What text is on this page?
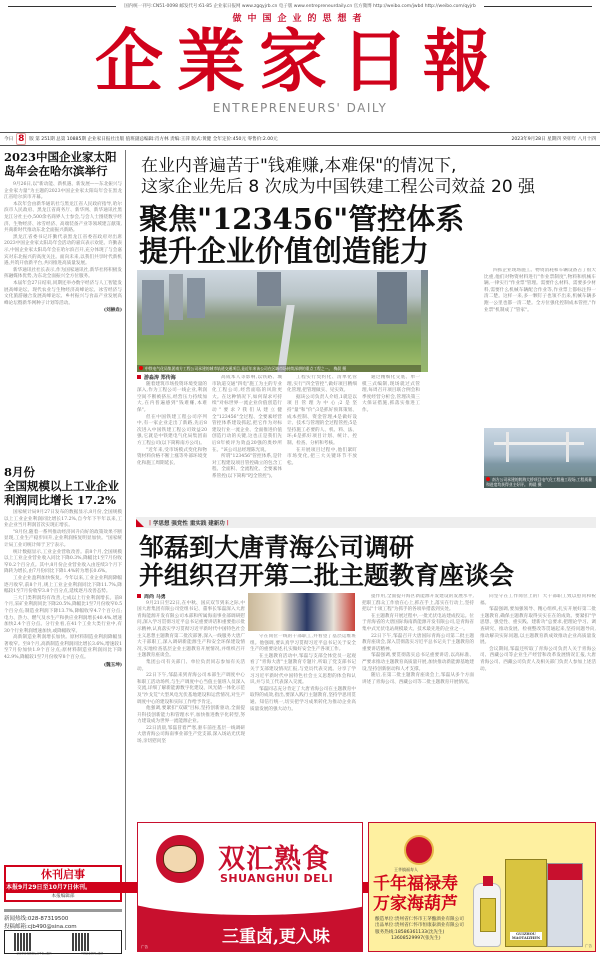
国内统一刊号:CN51-0098 邮发代号:61-85 企业家日报网 www.zgqyjrb.cn 电子版 www.entrepreneurdaily.cn 官方微博 http://weibo.com/jwbd http://weibo.com/qyjrb
做中国企业的思想者
企業家日報
ENTREPRENEURS' DAILY
今日 8	版 第 251期 总第 10885期 企业家日报社出版 值班副总编辑:肖方林 责编:王萍 版式:黄健 全年定价:450元 零售价:2.00元	2023年9月28日 星期四 癸卯年 八月十四
2023中国企业家太阳岛年会在哈尔滨举行

9月26日,以"新动能、新机遇、新发展——东北振兴与企业家力量"为主题的2023中国企业家太阳岛年会在黑龙江省哈尔滨市开幕。

本次年会由新华通讯社与黑龙江省人民政府指导,哈尔滨市人民政府、黑龙江省商务厅、新华网、新华通讯社黑龙江分社主办,500余名商界人士参会,与会人士围绕数字经济、生物经济、冰雪经济、高端装备产业等领域建言献策,共商新时代推动东北全面振兴新路。

黑龙江省委书记许勤代表黑龙江省委省政府对出席2023中国企业家太阳岛年会活动的嘉宾表示欢迎。许勤表示,中国企业家太阳岛年会在哈尔滨召开,充分体现了与会嘉宾对东北振兴的高度关注。面向未来,以我们共享时代新机遇,共筑开放新平台,共同推进高质量发展。

新华通讯社社长表示,作为国家通讯社,新华社将积极发挥融媒体优势,为东北全面振兴全方位服务。

本届年会27日结束,同期还举办数字经济与人工智能发展高峰论坛、现代农业与生物经济高峰论坛、冰雪经济与文化旅游融合发展高峰论坛、乡村振兴与食品产业发展高峰论坛暨新华网种子计划等活动。

(刘赫垚)
8月份
全国规模以上工业企业利润同比增长 17.2%

国家统计局9月27日发布的数据显示,8月份,全国规模以上工业企业利润同比增长17.2%,自今年下半年以来,工业企业当月利润首次实现正增长。

"8月份,随着一系列推动经济回升向好的政策效果不断显现,工业生产稳步回升,企业利润恢复明显加快。"国家统计局工业司统计师于卫宁表示。

统计数据显示,工业企业营收改善。前8个月,全国规模以上工业企业营业收入同比下降0.3%,降幅比1至7月份收窄0.2个百分点。其中,8月份企业营业收入由连续3个月下降转为增长,由7月份同比下降1.4%转为增长0.6%。

工业企业盈利加快恢复。今年以来,工业企业利润降幅逐月收窄,前8个月,规上工业企业利润同比下降11.7%,降幅较1至7月份收窄3.8个百分点,延续逐月改善态势。

三大门类利润均有改善,七成以上行业利润增长。前8个月,采矿业利润同比下降20.5%,降幅比1至7月份收窄0.5个百分点;制造业利润下降13.7%,降幅收窄4.7个百分点;电力、热力、燃气及水生产和供应业利润增长40.4%,增速加快2.4个百分点。分行业看,在41个工业大类行业中,有30个行业利润增速加快,或降幅收窄。

高新制造业利润增长加快。原材料制造业利润降幅显著收窄。至8个月,高新制造业利润同比增长3.6%,增速较1至7月份加快1.9个百分点;原材料制造业利润同比下降42.9%,降幅较1至7月份收窄8个百分点。

(魏玉坤)
休刊启事
本报9月29日至10月7日休刊。
本报编辑部
新闻热线:028-87319500
投稿邮箱:cjb490@sina.com
企业家日报微信公众平台二维码	中国企业家网二维码
在业内普遍苦于"钱难赚,本难保"的情况下,
这家企业先后 8 次成为中国铁建工程公司效益 20 强
聚焦"123456"管控体系
提升企业价值创造能力
中铁电气化局集团南方工程公司承建的城市轨道交通项目,是近年来该公司在区域市场持续深耕的重点工程之一。 梅晨 摄
游淼涛 郑传海

随着建筑市场投资环境变量的深入,作为工程公司一线企业,利润空间不断被挤压,经营压力持续加大,在内普遍感到"钱难赚,本难保"。

但在中国铁建工程公司序列中,有一家企业走出了新路,先后8次进入中国铁建工程公司效益20强,它就是中铁建电气化局集团南方工程公司(以下简称南方公司)。

"近年来,受市场模式变化和物资材料价格不断上涨等外部环境变化和施工周期延长,

高成本人等影响,以铁路、城市轨道交通"四电"施工为主的专业化工程公司,经营面临的风险更大。在这种情况下,如何谋求可持续"对标世界一流企业价值创造行动"要求?我们从建立健全"123456"全过程、全要素经营管控体系建设抓起,把它作为对标建设行业一流企业、全面推进价值创造行动的关键,这也正是我们先后8年被评为效益20强的奥妙所在。"该公司总经理陈光说。

所谓"123456"管控体系,是针对工程建设项目管控确立的包含工程、全面积、全流程化、全要素体系管控(以下简称"PJ全管控")。

工程实行契约化、清单化管理,实行"四全管控",做好项目精细化管理,把管理做实、见实效。

据该公司负责人介绍,1就是以项目管理为中心;2是坚持"量"和"价";3是抓好预算策划、成本控制、资金管理;4是做好设计、技术与管理的全过程管控;5是坚持施工必要的人、机、料、法、环;6是抓好项目计划、统计、控制、检查、分析和考核。

在开展项目过程中,他们紧盯市场变化,把三大关键环节不放松。

通过精细化交底、单一模三式编制,现场就过式管理,每周召开项目联合例会和季度经营分析会,管理决策三大保证措施,抓落实推进工作。

四抓企业现场施工。物资消耗和车辆设备占了很大比重,他们对物资材料进行"作业票制度",物料和机械车辆,一律实行"作业票"管理。需要什么材料、需要多少材料,需要什么机械车辆配合作业等,作业票上都标注得一清二楚。这样一来,多一颗钉子也领不出来,机械车辆多跑一公里也都一清二楚。全方位强化控制成本管控,"作业票"机制成了"管家"。

南方公司承建的跨海大桥项目电气化工程施工现场,工程质量和进度均获得业主好评。 梅晨 摄
| 学思想 强党性 重实践 建新功 |
邹磊到大唐青海公司调研
并组织召开第二批主题教育座谈会
周尚 马勇

9月21日至22日,在中秋、国庆双节到来之际,中国大唐集团有限公司党组书记、董事长邹磊深入大唐青海能源开发有限公司本部和所属海南事业部调研慰问,深入学习贯彻习近平总书记重要讲话和重要指示批示精神,认真落实学习贯彻习近平新时代中国特色社会主义思想主题教育第二批次部署,深入一线服务大唐广大干部职工,深入调研新能源生产和安全环保建设情况,实地检查基层企业主题教育开展情况,并组织召开主题教育座谈会。

集团公司有关部门、单位负责同志参加有关活动。

22日下午,邹磊来到青海公司本部生产调度中心和职工活动场所,与生产调度中心当值主值班人员深入交流,详细了解新能源数字化建设、风光储一体化示范及"沙戈荒"大型风电光伏基地建设和运营情况,对生产调度中心的建设和实际工作给予肯定。

他强调,要紧扣"双碳"目标,坚持创新驱动,全面提升科技创新能力和管理水平,加快推进数字化转型,努力建设成为世界一流能源企业。

22日清晨,邹磊冒着严寒,驱车前往基层一线调研大唐青海公司海南事业部生产党支部,深入场站光伏现场,亲切慰问坚

守在岗位一线的干部职工,并看望了基层运维班组。他强调,要认真学习贯彻习近平总书记关于安全生产的重要论述,扎实做好安全生产各项工作。

在主题教育活动中,邹磊与支部全体党员一起观看了"青海大唐"主题教育专题片,听取了党支部书记关于支部建设情况汇报,与党员代表交流。分享了学习习近平新时代中国特色社会主义思想的体会和认识,并与员工代表深入交流。

邹磊同志充分肯定了大唐青海公司在主题教育中取得的成效,指出,要深入践行主题教育,坚持学思用贯通、知信行统一,切实把学习成果转化为推动企业高质量发展的强大动力。

提作用,全面提升海区新能源开发建设的发展水平,把职工群众工作放在心上,抓在手上,落实在行动上,坚持把以"十项工程"为抓手的各项举措落到实处。

在主题教育开展过程中,一批光伏电站建成投运。位于青海省的大唐国际海南新能源开发有限公司,是青海省集中式光伏电站规模最大、技术最先进的企业之一。

22日下午,邹磊召开大唐国际青海公司第二批主题教育座谈会,深入贯彻落实习近平总书记关于主题教育的重要讲话精神。

邹磊强调,要贯彻落实总书记重要讲话,以高标准、严要求推动主题教育高质量开展,加快推动新能源基地建设,坚持创新驱动和人才支撑。

随后,在第二批主题教育座谈会上,邹磊从多个方面讲述了青海公司、西藏公司等二批主题教育开展情况。

向坚守在工作岗位上的广大干部职工致以慰问和祝福。

邹磊强调,要加强领导、精心组织,扎实开展好第二批主题教育,确保主题教育取得实实在在的成效。要紧扣"学思想、强党性、重实践、建新功"总要求,把理论学习、调查研究、推动发展、检视整改等贯通起来,坚持问题导向,推动解决实际问题,以主题教育新成效推动企业高质量发展。

会议期间,邹磊还听取了青海公司负责人关于青海公司、西藏公司等企业生产经营和改革发展情况汇报,大唐青海公司、西藏公司负责人及相关部门负责人参加上述活动。

双汇熟食
SHUANGHUI DELI
三重卤,更入味
广告
王茅镇福寿人
千年福禄寿
万家海葫芦
酿造单位:贵州省仁怀市王茅酿酒业有限公司
出品单位:贵州省仁怀市恒康泰酒业有限公司
服务热线:18586361133(沈先生)
13608529997(张先生)
GUIZHOU MAOTAIZHEN
广告
